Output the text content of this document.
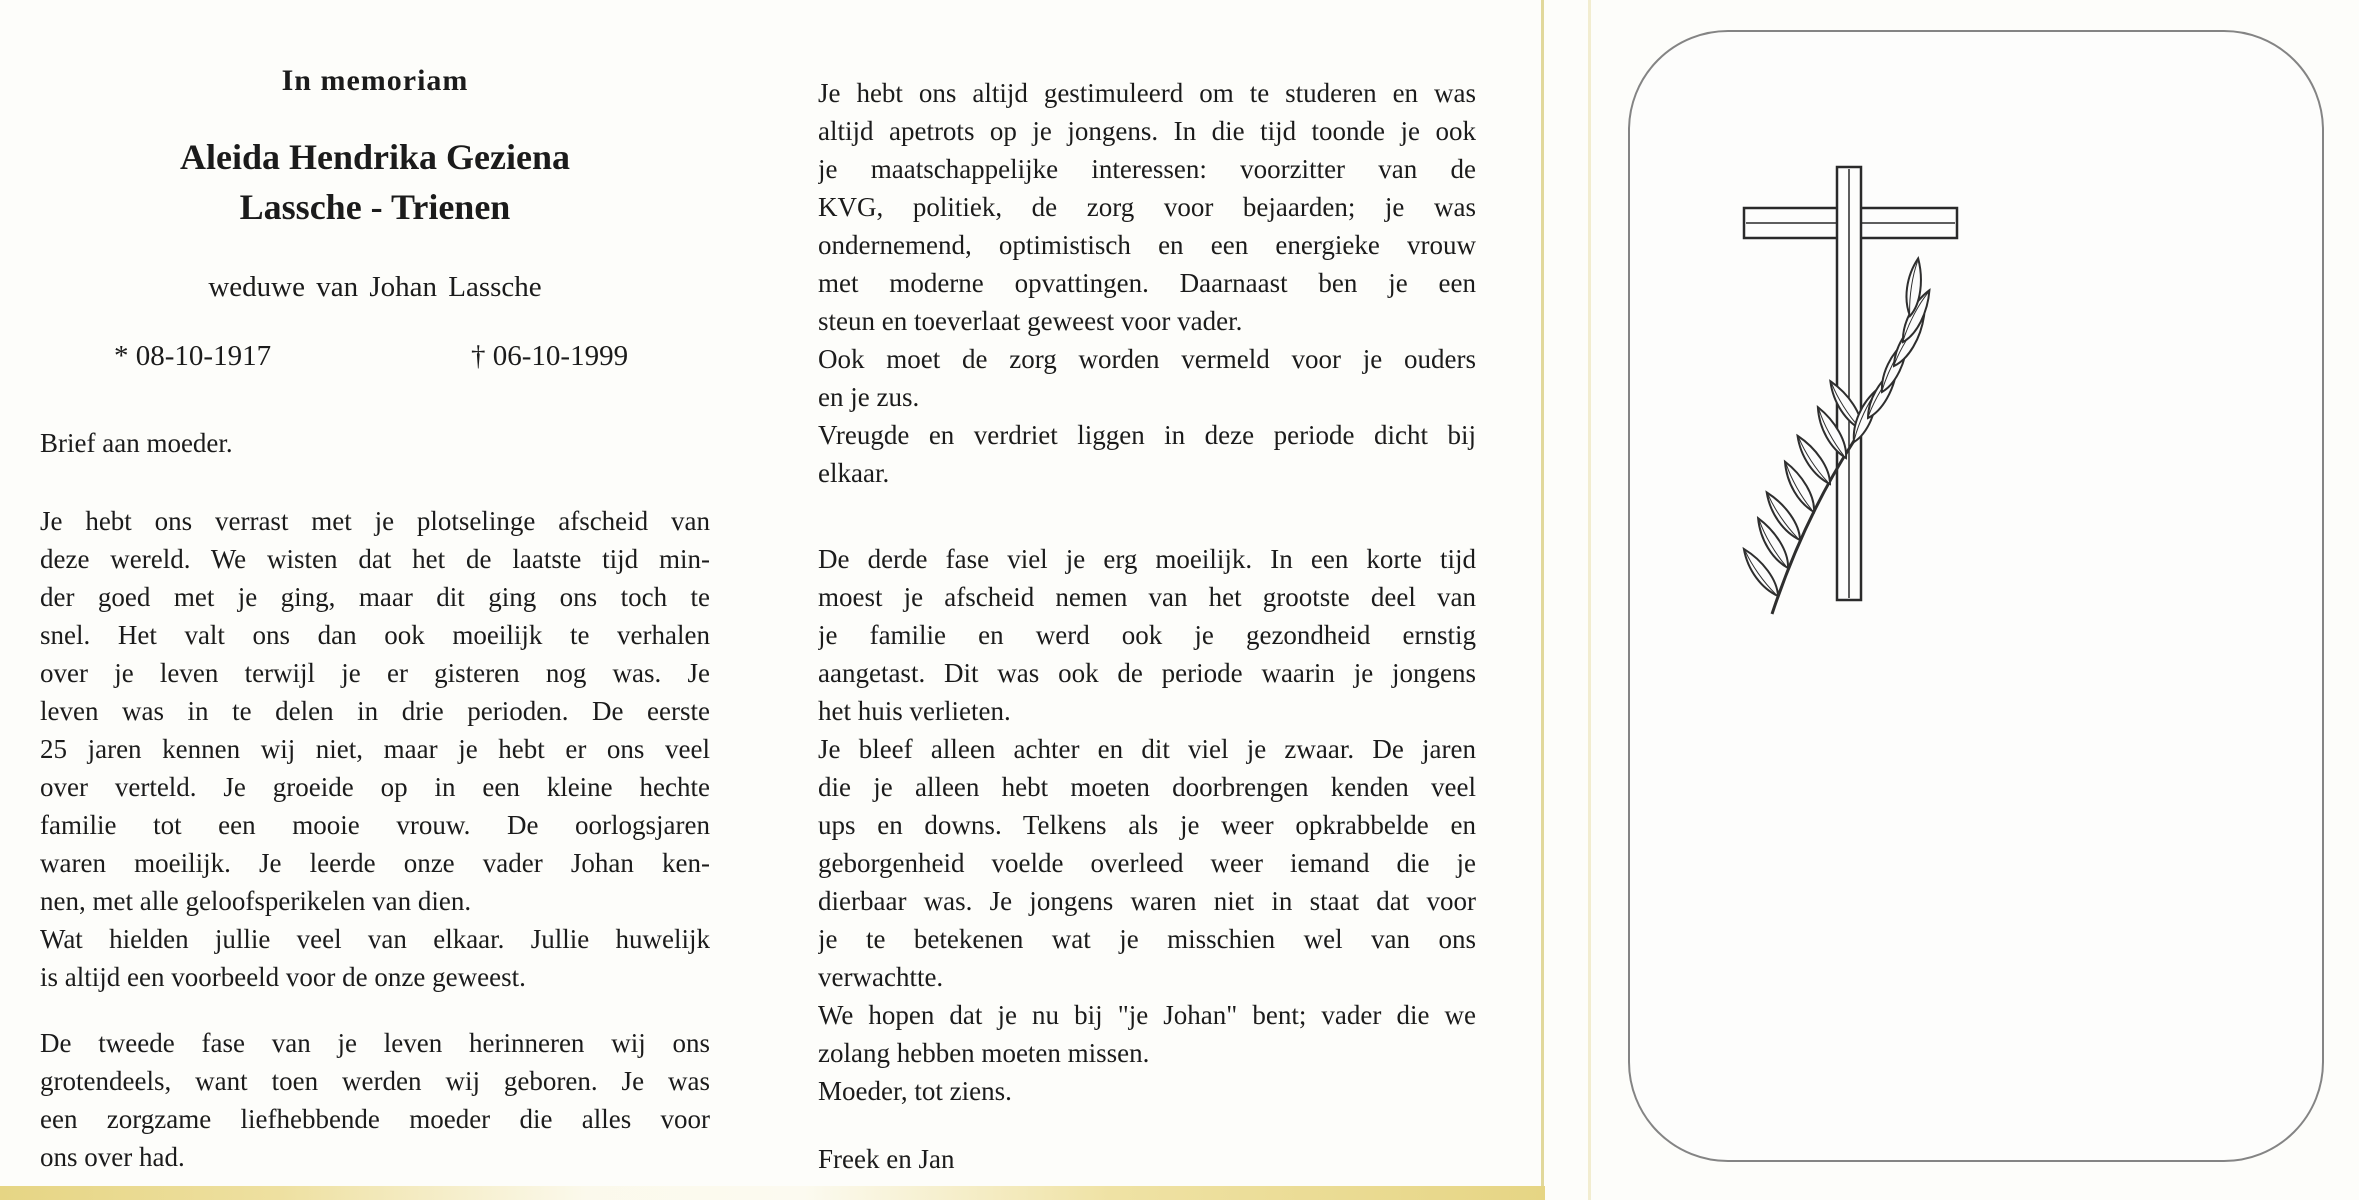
In memoriam
Aleida Hendrika Geziena
Lassche - Trienen
weduwe van Johan Lassche
* 08-10-1917	† 06-10-1999
Brief aan moeder.
Je hebt ons verrast met je plotselinge afscheid van
deze wereld. We wisten dat het de laatste tijd min-
der goed met je ging, maar dit ging ons toch te
snel. Het valt ons dan ook moeilijk te verhalen
over je leven terwijl je er gisteren nog was. Je
leven was in te delen in drie perioden. De eerste
25 jaren kennen wij niet, maar je hebt er ons veel
over verteld. Je groeide op in een kleine hechte
familie tot een mooie vrouw. De oorlogsjaren
waren moeilijk. Je leerde onze vader Johan ken-
nen, met alle geloofsperikelen van dien.
Wat hielden jullie veel van elkaar. Jullie huwelijk
is altijd een voorbeeld voor de onze geweest.
De tweede fase van je leven herinneren wij ons
grotendeels, want toen werden wij geboren. Je was
een zorgzame liefhebbende moeder die alles voor
ons over had.
Je hebt ons altijd gestimuleerd om te studeren en was
altijd apetrots op je jongens. In die tijd toonde je ook
je maatschappelijke interessen: voorzitter van de
KVG, politiek, de zorg voor bejaarden; je was
ondernemend, optimistisch en een energieke vrouw
met moderne opvattingen. Daarnaast ben je een
steun en toeverlaat geweest voor vader.
Ook moet de zorg worden vermeld voor je ouders
en je zus.
Vreugde en verdriet liggen in deze periode dicht bij
elkaar.
De derde fase viel je erg moeilijk. In een korte tijd
moest je afscheid nemen van het grootste deel van
je familie en werd ook je gezondheid ernstig
aangetast. Dit was ook de periode waarin je jongens
het huis verlieten.
Je bleef alleen achter en dit viel je zwaar. De jaren
die je alleen hebt moeten doorbrengen kenden veel
ups en downs. Telkens als je weer opkrabbelde en
geborgenheid voelde overleed weer iemand die je
dierbaar was. Je jongens waren niet in staat dat voor
je te betekenen wat je misschien wel van ons
verwachtte.
We hopen dat je nu bij "je Johan" bent; vader die we
zolang hebben moeten missen.
Moeder, tot ziens.
Freek en Jan
